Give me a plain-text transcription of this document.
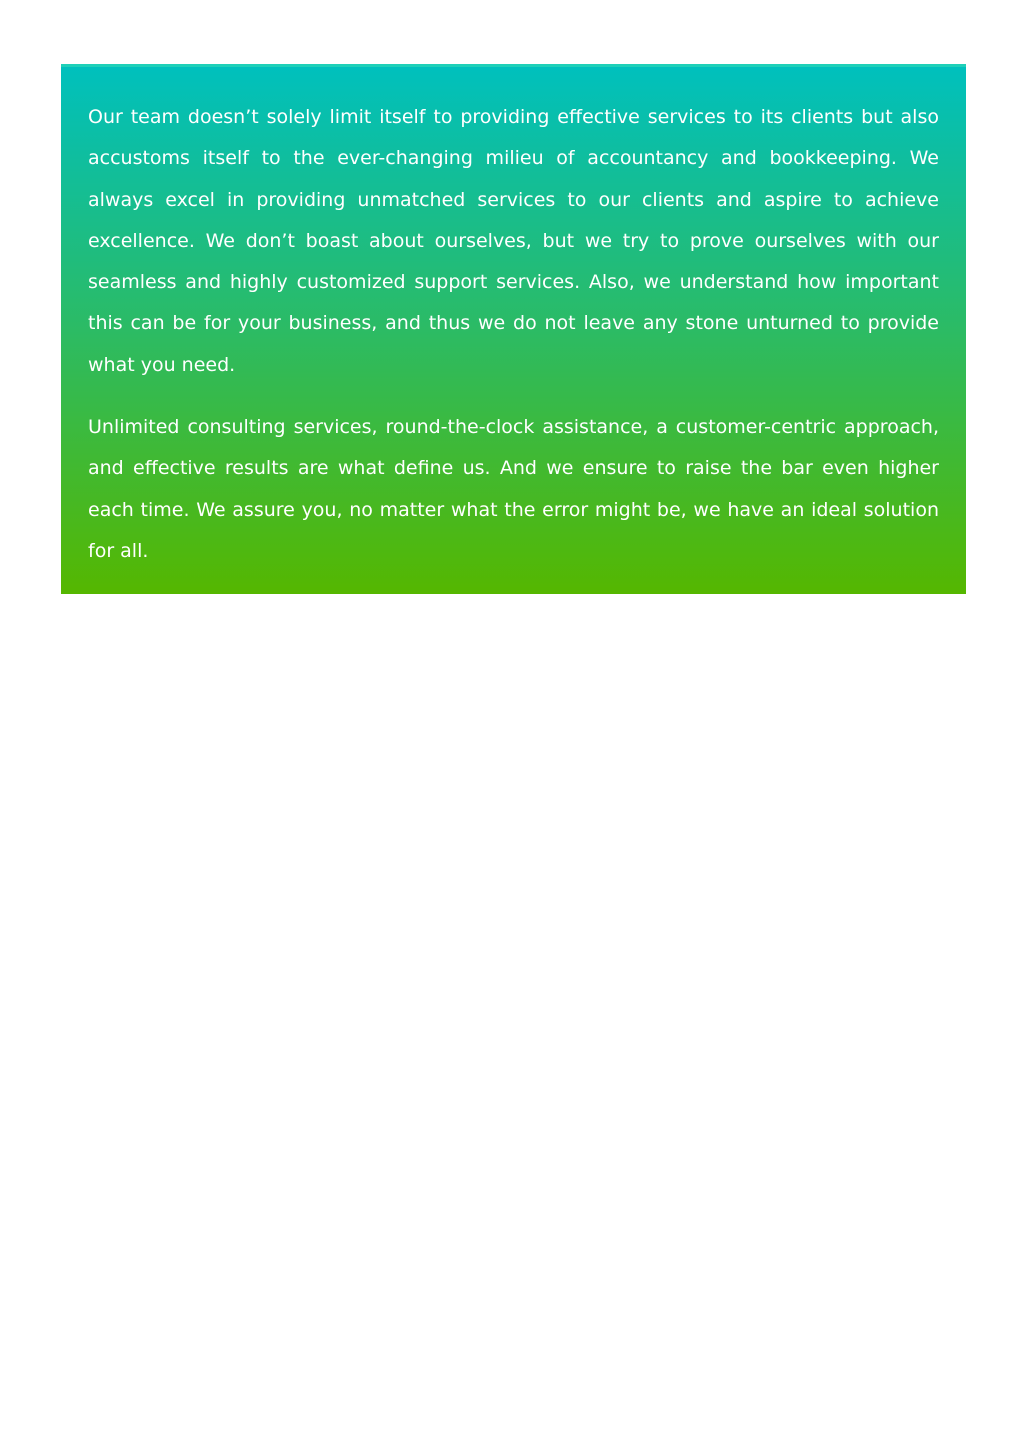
Our team doesn’t solely limit itself to providing effective services to its clients but also accustoms itself to the ever-changing milieu of accountancy and bookkeeping. We always excel in providing unmatched services to our clients and aspire to achieve excellence. We don’t boast about ourselves, but we try to prove ourselves with our seamless and highly customized support services. Also, we understand how important this can be for your business, and thus we do not leave any stone unturned to provide what you need.

Unlimited consulting services, round-the-clock assistance, a customer-centric approach, and effective results are what define us. And we ensure to raise the bar even higher each time. We assure you, no matter what the error might be, we have an ideal solution for all.
